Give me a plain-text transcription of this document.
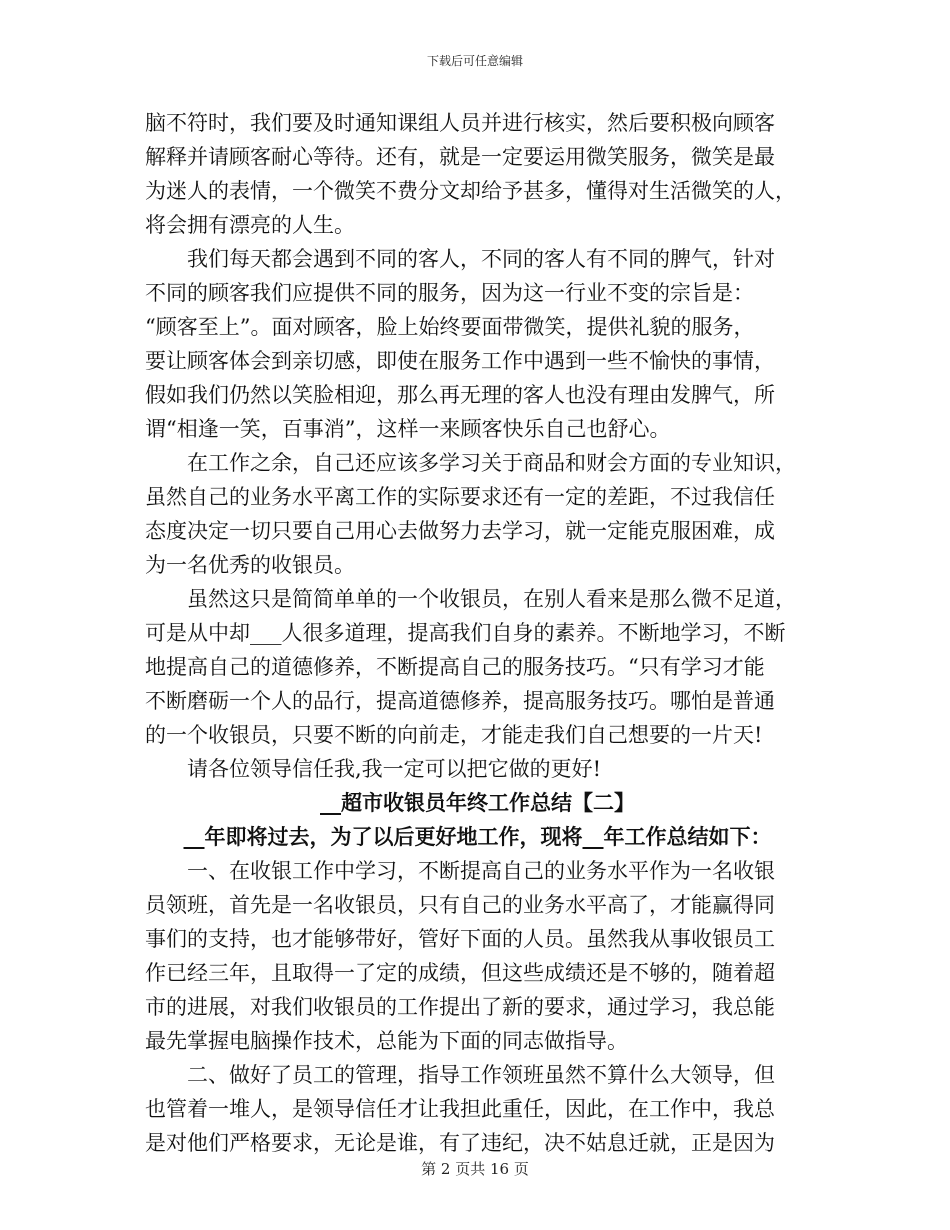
下载后可任意编辑
脑不符时，我们要及时通知课组人员并进行核实，然后要积极向顾客
解释并请顾客耐心等待。还有，就是一定要运用微笑服务，微笑是最
为迷人的表情，一个微笑不费分文却给予甚多，懂得对生活微笑的人，
将会拥有漂亮的人生。
我们每天都会遇到不同的客人，不同的客人有不同的脾气，针对
不同的顾客我们应提供不同的服务，因为这一行业不变的宗旨是：
“顾客至上”。面对顾客，脸上始终要面带微笑，提供礼貌的服务，
要让顾客体会到亲切感，即使在服务工作中遇到一些不愉快的事情，
假如我们仍然以笑脸相迎，那么再无理的客人也没有理由发脾气，所
谓“相逢一笑，百事消”，这样一来顾客快乐自己也舒心。
在工作之余，自己还应该多学习关于商品和财会方面的专业知识，
虽然自己的业务水平离工作的实际要求还有一定的差距，不过我信任
态度决定一切只要自己用心去做努力去学习，就一定能克服困难，成
为一名优秀的收银员。
虽然这只是简简单单的一个收银员，在别人看来是那么微不足道，
可是从中却___人很多道理，提高我们自身的素养。不断地学习，不断
地提高自己的道德修养，不断提高自己的服务技巧。“只有学习才能
不断磨砺一个人的品行，提高道德修养，提高服务技巧。哪怕是普通
的一个收银员，只要不断的向前走，才能走我们自己想要的一片天!
请各位领导信任我,我一定可以把它做的更好!
__超市收银员年终工作总结【二】
__年即将过去，为了以后更好地工作，现将__年工作总结如下：
一、在收银工作中学习，不断提高自己的业务水平作为一名收银
员领班，首先是一名收银员，只有自己的业务水平高了，才能赢得同
事们的支持，也才能够带好，管好下面的人员。虽然我从事收银员工
作已经三年，且取得一了定的成绩，但这些成绩还是不够的，随着超
市的进展，对我们收银员的工作提出了新的要求，通过学习，我总能
最先掌握电脑操作技术，总能为下面的同志做指导。
二、做好了员工的管理，指导工作领班虽然不算什么大领导，但
也管着一堆人，是领导信任才让我担此重任，因此，在工作中，我总
是对他们严格要求，无论是谁，有了违纪，决不姑息迁就，正是因为
第 2 页共 16 页
